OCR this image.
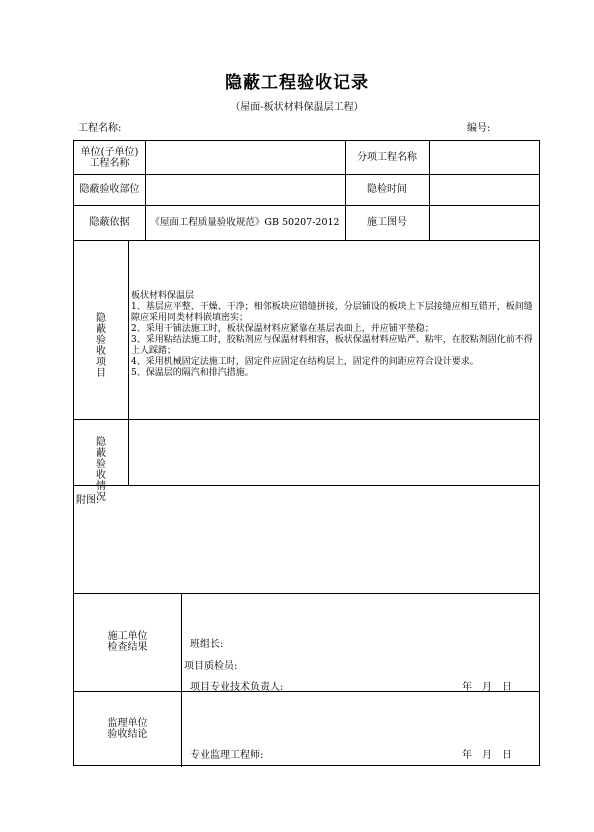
隐蔽工程验收记录
（屋面-板状材料保温层工程）
工程名称:	编号:
单位(子单位)
工程名称	分项工程名称
隐蔽验收部位	隐检时间
隐蔽依据	《屋面工程质量验收规范》GB 50207-2012	施工图号
隐蔽验收项目
板状材料保温层
1、基层应平整、干燥、干净；相邻板块应错缝拼接，分层铺设的板块上下层接缝应相互错开，板间缝隙应采用同类材料嵌填密实；
2、采用干铺法施工时，板状保温材料应紧靠在基层表面上，并应铺平垫稳；
3、采用粘结法施工时，胶粘剂应与保温材料相容，板状保温材料应贴严、粘牢，在胶粘剂固化前不得上人踩踏；
4、采用机械固定法施工时，固定件应固定在结构层上，固定件的间距应符合设计要求。
5、保温层的隔汽和排汽措施。
隐蔽验收情况
附图:
施工单位
检查结果	班组长:
项目质检员:
项目专业技术负责人:	年　月　日
监理单位
验收结论
专业监理工程师:	年　月　日
